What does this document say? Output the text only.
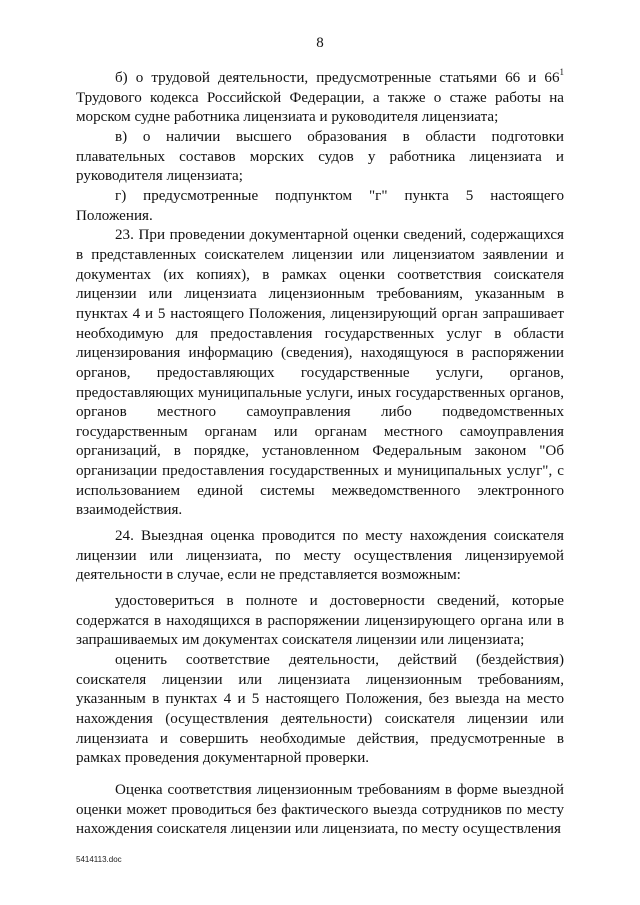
8

б) о трудовой деятельности, предусмотренные статьями 66 и $66^1$ Трудового кодекса Российской Федерации, а также о стаже работы на морском судне работника лицензиата и руководителя лицензиата;

в) о наличии высшего образования в области подготовки плавательных составов морских судов у работника лицензиата и руководителя лицензиата;

г) предусмотренные подпунктом "г" пункта 5 настоящего Положения.

23. При проведении документарной оценки сведений, содержащихся в представленных соискателем лицензии или лицензиатом заявлении и документах (их копиях), в рамках оценки соответствия соискателя лицензии или лицензиата лицензионным требованиям, указанным в пунктах 4 и 5 настоящего Положения, лицензирующий орган запрашивает необходимую для предоставления государственных услуг в области лицензирования информацию (сведения), находящуюся в распоряжении органов, предоставляющих государственные услуги, органов, предоставляющих муниципальные услуги, иных государственных органов, органов местного самоуправления либо подведомственных государственным органам или органам местного самоуправления организаций, в порядке, установленном Федеральным законом "Об организации предоставления государственных и муниципальных услуг", с использованием единой системы межведомственного электронного взаимодействия.

24. Выездная оценка проводится по месту нахождения соискателя лицензии или лицензиата, по месту осуществления лицензируемой деятельности в случае, если не представляется возможным:

удостовериться в полноте и достоверности сведений, которые содержатся в находящихся в распоряжении лицензирующего органа или в запрашиваемых им документах соискателя лицензии или лицензиата;

оценить соответствие деятельности, действий (бездействия) соискателя лицензии или лицензиата лицензионным требованиям, указанным в пунктах 4 и 5 настоящего Положения, без выезда на место нахождения (осуществления деятельности) соискателя лицензии или лицензиата и совершить необходимые действия, предусмотренные в рамках проведения документарной проверки.

Оценка соответствия лицензионным требованиям в форме выездной оценки может проводиться без фактического выезда сотрудников по месту нахождения соискателя лицензии или лицензиата, по месту осуществления

5414113.doc
